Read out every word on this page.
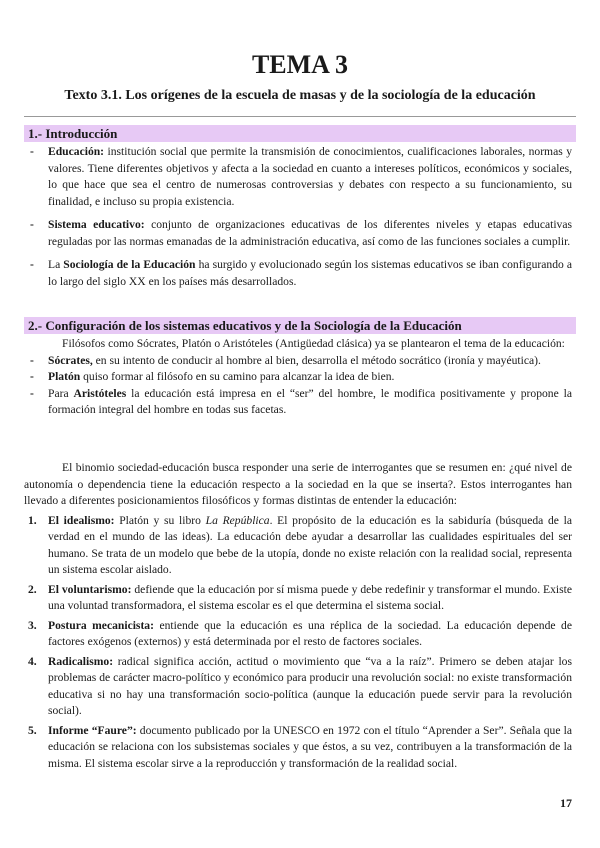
TEMA 3
Texto 3.1. Los orígenes de la escuela de masas y de la sociología de la educación
1.- Introducción

- Educación: institución social que permite la transmisión de conocimientos, cualificaciones laborales, normas y valores. Tiene diferentes objetivos y afecta a la sociedad en cuanto a intereses políticos, económicos y sociales, lo que hace que sea el centro de numerosas controversias y debates con respecto a su funcionamiento, su finalidad, e incluso su propia existencia.

- Sistema educativo: conjunto de organizaciones educativas de los diferentes niveles y etapas educativas reguladas por las normas emanadas de la administración educativa, así como de las funciones sociales a cumplir.

- La Sociología de la Educación ha surgido y evolucionado según los sistemas educativos se iban configurando a lo largo del siglo XX en los países más desarrollados.

2.- Configuración de los sistemas educativos y de la Sociología de la Educación

Filósofos como Sócrates, Platón o Aristóteles (Antigüedad clásica) ya se plantearon el tema de la educación:

- Sócrates, en su intento de conducir al hombre al bien, desarrolla el método socrático (ironía y mayéutica).

- Platón quiso formar al filósofo en su camino para alcanzar la idea de bien.

- Para Aristóteles la educación está impresa en el “ser” del hombre, le modifica positivamente y propone la formación integral del hombre en todas sus facetas.

El binomio sociedad-educación busca responder una serie de interrogantes que se resumen en: ¿qué nivel de autonomía o dependencia tiene la educación respecto a la sociedad en la que se inserta?. Estos interrogantes han llevado a diferentes posicionamientos filosóficos y formas distintas de entender la educación:

1. El idealismo: Platón y su libro La República. El propósito de la educación es la sabiduría (búsqueda de la verdad en el mundo de las ideas). La educación debe ayudar a desarrollar las cualidades espirituales del ser humano. Se trata de un modelo que bebe de la utopía, donde no existe relación con la realidad social, representa un sistema escolar aislado.

2. El voluntarismo: defiende que la educación por sí misma puede y debe redefinir y transformar el mundo. Existe una voluntad transformadora, el sistema escolar es el que determina el sistema social.

3. Postura mecanicista: entiende que la educación es una réplica de la sociedad. La educación depende de factores exógenos (externos) y está determinada por el resto de factores sociales.

4. Radicalismo: radical significa acción, actitud o movimiento que “va a la raíz”. Primero se deben atajar los problemas de carácter macro-político y económico para producir una revolución social: no existe transformación educativa si no hay una transformación socio-política (aunque la educación puede servir para la revolución social).

5. Informe “Faure”: documento publicado por la UNESCO en 1972 con el título “Aprender a Ser”. Señala que la educación se relaciona con los subsistemas sociales y que éstos, a su vez, contribuyen a la transformación de la misma. El sistema escolar sirve a la reproducción y transformación de la realidad social.

17
